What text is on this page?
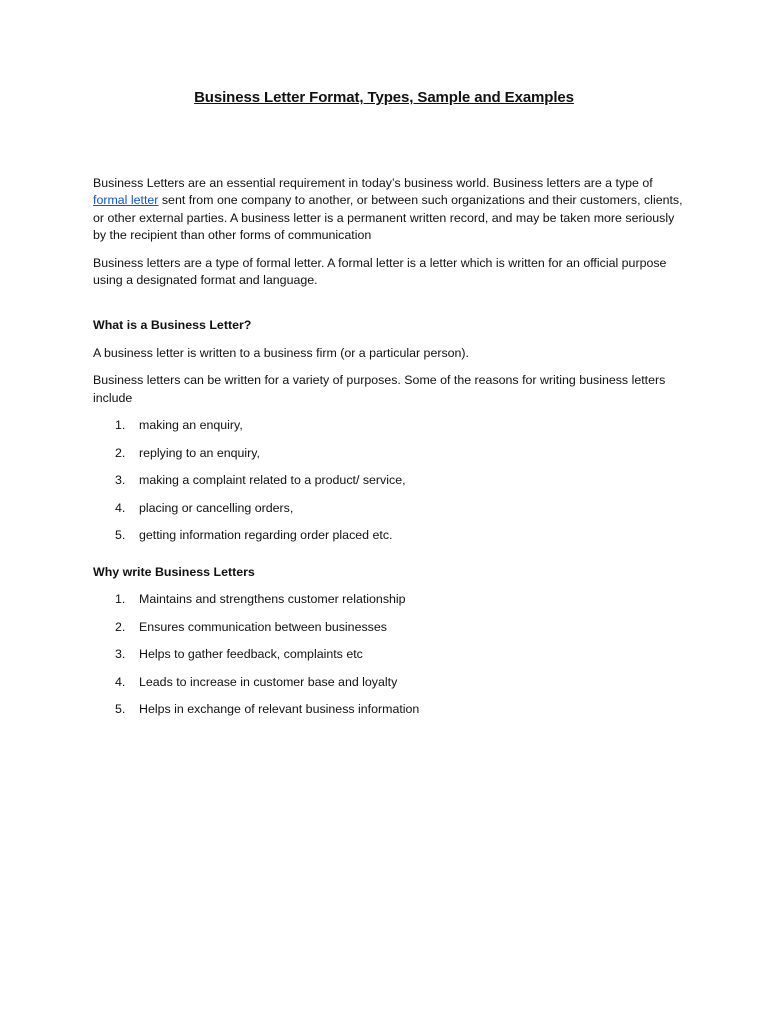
Business Letter Format, Types, Sample and Examples

Business Letters are an essential requirement in today’s business world. Business letters are a type of formal letter sent from one company to another, or between such organizations and their customers, clients, or other external parties. A business letter is a permanent written record, and may be taken more seriously by the recipient than other forms of communication

Business letters are a type of formal letter. A formal letter is a letter which is written for an official purpose using a designated format and language.

What is a Business Letter?

A business letter is written to a business firm (or a particular person).

Business letters can be written for a variety of purposes. Some of the reasons for writing business letters include

1. making an enquiry,
2. replying to an enquiry,
3. making a complaint related to a product/ service,
4. placing or cancelling orders,
5. getting information regarding order placed etc.

Why write Business Letters

1. Maintains and strengthens customer relationship
2. Ensures communication between businesses
3. Helps to gather feedback, complaints etc
4. Leads to increase in customer base and loyalty
5. Helps in exchange of relevant business information
